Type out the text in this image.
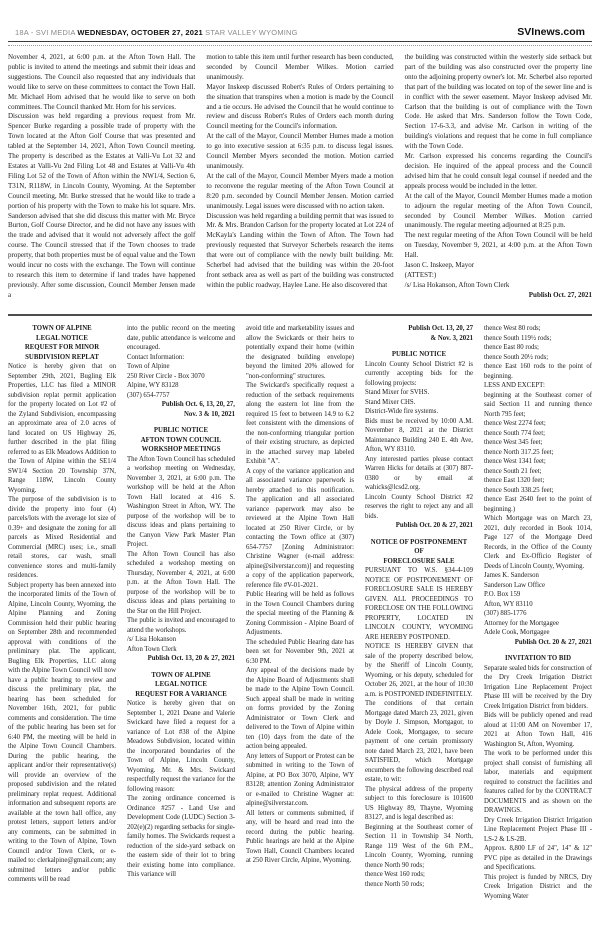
18A - SVI MEDIA WEDNESDAY, OCTOBER 27, 2021 STAR VALLEY WYOMING	SVInews.com

November 4, 2021, at 6:00 p.m. at the Afton Town Hall. The public is invited to attend the meetings and submit their ideas and suggestions. The Council also requested that any individuals that would like to serve on these committees to contact the Town Hall. Mr. Michael Horn advised that he would like to serve on both committees. The Council thanked Mr. Horn for his services.

Discussion was held regarding a previous request from Mr. Spencer Burke regarding a possible trade of property with the Town located at the Afton Golf Course that was presented and tabled at the September 14, 2021, Afton Town Council meeting. The property is described as the Estates at Valli-Vu Lot 32 and Estates at Valli-Vu 2nd Filing Lot 48 and Estates at Valli-Vu 4th Filing Lot 52 of the Town of Afton within the NW1/4, Section 6, T31N, R118W, in Lincoln County, Wyoming. At the September Council meeting, Mr. Burke stressed that he would like to trade a portion of his property with the Town to make his lot square. Mrs. Sanderson advised that she did discuss this matter with Mr. Bryce Burton, Golf Course Director, and he did not have any issues with the trade and advised that it would not adversely affect the golf course. The Council stressed that if the Town chooses to trade property, that both properties must be of equal value and the Town would incur no costs with the exchange. The Town will continue to research this item to determine if land trades have happened previously. After some discussion, Council Member Jensen made a

motion to table this item until further research has been conducted, seconded by Council Member Wilkes. Motion carried unanimously.

Mayor Inskeep discussed Robert's Rules of Orders pertaining to the situation that transpires when a motion is made by the Council and a tie occurs. He advised the Council that he would continue to review and discuss Robert's Rules of Orders each month during Council meeting for the Council's information.

At the call of the Mayor, Council Member Humes made a motion to go into executive session at 6:35 p.m. to discuss legal issues. Council Member Myers seconded the motion. Motion carried unanimously.

At the call of the Mayor, Council Member Myers made a motion to reconvene the regular meeting of the Afton Town Council at 8:20 p.m. seconded by Council Member Jensen. Motion carried unanimously. Legal issues were discussed with no action taken.

Discussion was held regarding a building permit that was issued to Mr. & Mrs. Brandon Carlson for the property located at Lot 224 of McKayla's Landing within the Town of Afton. The Town had previously requested that Surveyor Scherbels research the items that were out of compliance with the newly built building. Mr. Scherbel had advised that the building was within the 20-foot front setback area as well as part of the building was constructed within the public roadway, Haylee Lane. He also discovered that

the building was constructed within the westerly side setback but part of the building was also constructed over the property line onto the adjoining property owner's lot. Mr. Scherbel also reported that part of the building was located on top of the sewer line and is in conflict with the sewer easement. Mayor Inskeep advised Mr. Carlson that the building is out of compliance with the Town Code. He asked that Mrs. Sanderson follow the Town Code, Section 17-6-3.3, and advise Mr. Carlson in writing of the building's violations and request that he come in full compliance with the Town Code.

Mr. Carlson expressed his concerns regarding the Council's decision. He inquired of the appeal process and the Council advised him that he could consult legal counsel if needed and the appeals process would be included in the letter.

At the call of the Mayor, Council Member Humes made a motion to adjourn the regular meeting of the Afton Town Council, seconded by Council Member Wilkes. Motion carried unanimously. The regular meeting adjourned at 8:25 p.m.

The next regular meeting of the Afton Town Council will be held on Tuesday, November 9, 2021, at 4:00 p.m. at the Afton Town Hall.

Jason C. Inskeep, Mayor
(ATTEST:)
/s/ Lisa Hokanson, Afton Town Clerk
Publish Oct. 27, 2021
TOWN OF ALPINE
LEGAL NOTICE
REQUEST FOR MINOR
SUBDIVISION REPLAT

Notice is hereby given that on September 29th, 2021, Bugling Elk Properties, LLC has filed a MINOR subdivision replat permit application for the property located on Lot #2 of the Zyland Subdivision, encompassing an approximate area of 2.0 acres of land located on US Highway 26, further described in the plat filing referred to as Elk Meadows Addition to the Town of Alpine within the SE1/4 SW1/4 Section 20 Township 37N, Range 118W, Lincoln County Wyoming.

The purpose of the subdivision is to divide the property into four (4) parcels/lots with the average lot size of 0.39+ and designate the zoning for all parcels as Mixed Residential and Commercial (MRC) uses; i.e., small retail stores, car wash, small convenience stores and multi-family residences.

Subject property has been annexed into the incorporated limits of the Town of Alpine, Lincoln County, Wyoming, the Alpine Planning and Zoning Commission held their public hearing on September 28th and recommended approval with conditions of the preliminary plat. The applicant, Bugling Elk Properties, LLC along with the Alpine Town Council will now have a public hearing to review and discuss the preliminary plat, the hearing has been scheduled for November 16th, 2021, for public comments and consideration. The time of the public hearing has been set for 6:40 PM, the meeting will be held in the Alpine Town Council Chambers. During the public hearing, the applicant and/or their representative(s) will provide an overview of the proposed subdivision and the related preliminary replat request. Additional information and subsequent reports are available at the town hall office, any protest letters, support letters and/or any comments, can be submitted in writing to the Town of Alpine, Town Council and/or Town Clerk, or e-mailed to: clerkalpine@gmail.com; any submitted letters and/or public comments will be read

into the public record on the meeting date, public attendance is welcome and encouraged.

Contact Information:
Town of Alpine
250 River Circle - Box 3070
Alpine, WY 83128
(307) 654-7757
Publish Oct. 6, 13, 20, 27,
Nov. 3 & 10, 2021
PUBLIC NOTICE
AFTON TOWN COUNCIL
WORKSHOP MEETINGS

The Afton Town Council has scheduled a workshop meeting on Wednesday, November 3, 2021, at 6:00 p.m. The workshop will be held at the Afton Town Hall located at 416 S. Washington Street in Afton, WY. The purpose of the workshop will be to discuss ideas and plans pertaining to the Canyon View Park Master Plan Project.

The Afton Town Council has also scheduled a workshop meeting on Thursday, November 4, 2021, at 6:00 p.m. at the Afton Town Hall. The purpose of the workshop will be to discuss ideas and plans pertaining to the Star on the Hill Project.

The public is invited and encouraged to attend the workshops.

/s/ Lisa Hokanson
Afton Town Clerk
Publish Oct. 13, 20 & 27, 2021
TOWN OF ALPINE
LEGAL NOTICE
REQUEST FOR A VARIANCE

Notice is hereby given that on September 1, 2021 Deane and Valerie Swickard have filed a request for a variance of Lot #38 of the Alpine Meadows Subdivision, located within the incorporated boundaries of the Town of Alpine, Lincoln County, Wyoming. Mr. & Mrs. Swickard respectfully request the variance for the following reason:

The zoning ordinance concerned is Ordinance #257 - Land Use and Development Code (LUDC) Section 3-202(e)(2) regarding setbacks for single-family homes. The Swickards request a reduction of the side-yard setback on the eastern side of their lot to bring their existing home into compliance. This variance will

avoid title and marketability issues and allow the Swickards or their heirs to potentially expand their home (within the designated building envelope) beyond the limited 20% allowed for "non-conforming" structures.

The Swickard's specifically request a reduction of the setback requirements along the eastern lot line from the required 15 feet to between 14.9 to 6.2 feet consistent with the dimensions of the non-conforming triangular portion of their existing structure, as depicted in the attached survey map labeled Exhibit "A".

A copy of the variance application and all associated variance paperwork is hereby attached to this notification. The application and all associated variance paperwork may also be reviewed at the Alpine Town Hall located at 250 River Circle, or by contacting the Town office at (307) 654-7757 [Zoning Administrator: Christine Wagner (e-mail address: alpine@silverstar.com)] and requesting a copy of the application paperwork, reference file #V-01-2021.

Public Hearing will be held as follows in the Town Council Chambers during the special meeting of the Planning & Zoning Commission - Alpine Board of Adjustments.

The scheduled Public Hearing date has been set for November 9th, 2021 at 6:30 PM.

Any appeal of the decisions made by the Alpine Board of Adjustments shall be made to the Alpine Town Council. Such appeal shall be made in writing on forms provided by the Zoning Administrator or Town Clerk and delivered to the Town of Alpine within ten (10) days from the date of the action being appealed.

Any letters of Support or Protest can be submitted in writing to the Town of Alpine, at PO Box 3070, Alpine, WY 83128; attention Zoning Administrator or e-mailed to Christine Wagner at: alpine@silverstar.com.

All letters or comments submitted, if any, will be heard and read into the record during the public hearing. Public hearings are held at the Alpine Town Hall, Council Chambers located at 250 River Circle, Alpine, Wyoming.

Publish Oct. 13, 20, 27
& Nov. 3, 2021
PUBLIC NOTICE

Lincoln County School District #2 is currently accepting bids for the following projects:

Stand Mixer for SVHS.
Stand Mixer CHS.
District-Wide fire systems.

Bids must be received by 10:00 A.M. November 8, 2021 at the District Maintenance Building 240 E. 4th Ave, Afton, WY 83110.

Any interested parties please contact Warren Hicks for details at (307) 887-0380 or by email at wahicks@lcsd2.org.

Lincoln County School District #2 reserves the right to reject any and all bids.

Publish Oct. 20 & 27, 2021
NOTICE OF POSTPONEMENT
OF
FORECLOSURE SALE

PURSUANT TO W.S. §34-4-109 NOTICE OF POSTPONEMENT OF FORECLOSURE SALE IS HEREBY GIVEN. ALL PROCEEDINGS TO FORECLOSE ON THE FOLLOWING PROPERTY, LOCATED IN LINCOLN COUNTY, WYOMING ARE HEREBY POSTPONED.

NOTICE IS HEREBY GIVEN that sale of the property described below, by the Sheriff of Lincoln County, Wyoming, or his deputy, scheduled for October 26, 2021, at the hour of 10:30 a.m. is POSTPONED INDEFINITELY.

The conditions of that certain Mortgage dated March 23, 2021, given by Doyle J. Simpson, Mortgagor, to Adele Cook, Mortgagee, to secure payment of one certain promissory note dated March 23, 2021, have been SATISFIED, which Mortgage encumbers the following described real estate, to wit:

The physical address of the property subject to this foreclosure is 101600 US Highway 89, Thayne, Wyoming 83127, and is legal described as:

Beginning at the Southeast corner of Section 11 in Township 34 North, Range 119 West of the 6th P.M., Lincoln County, Wyoming, running thence North 90 rods;

thence West 160 rods;
thence North 50 rods;
thence West 80 rods;
thence South 119½ rods;
thence East 80 rods;
thence South 20½ rods;

thence East 160 rods to the point of beginning.

LESS AND EXCEPT:

beginning at the Southeast corner of said Section 11 and running thence North 795 feet;

thence West 2274 feet;
thence South 774 feet;
thence West 345 feet;
thence North 317.25 feet;
thence West 1341 feet;
thence South 21 feet;
thence East 1320 feet;
thence South 338.25 feet;

thence East 2640 feet to the point of beginning.)

Which Mortgage was on March 23, 2021, duly recorded in Book 1014, Page 127 of the Mortgage Deed Records, in the Office of the County Clerk and Ex-Officio Register of Deeds of Lincoln County, Wyoming.

James K. Sanderson
Sanderson Law Office
P.O. Box 159
Afton, WY 83110
(307) 885-1776
Attorney for the Mortgagee
Adele Cook, Mortgagee
Publish Oct. 20 & 27, 2021
INVITATION TO BID

Separate sealed bids for construction of the Dry Creek Irrigation District Irrigation Line Replacement Project Phase III will be received by the Dry Creek Irrigation District from bidders.

Bids will be publicly opened and read aloud at 11:00 AM on November 17, 2021 at Afton Town Hall, 416 Washington St, Afton, Wyoming.

The work to be performed under this project shall consist of furnishing all labor, materials and equipment required to construct the facilities and features called for by the CONTRACT DOCUMENTS and as shown on the DRAWINGS.

Dry Creek Irrigation District Irrigation Line Replacement Project Phase III - LS-2 & LS-2B.

Approx. 8,800 LF of 24", 14" & 12" PVC pipe as detailed in the Drawings and Specifications.

This project is funded by NRCS, Dry Creek Irrigation District and the Wyoming Water
